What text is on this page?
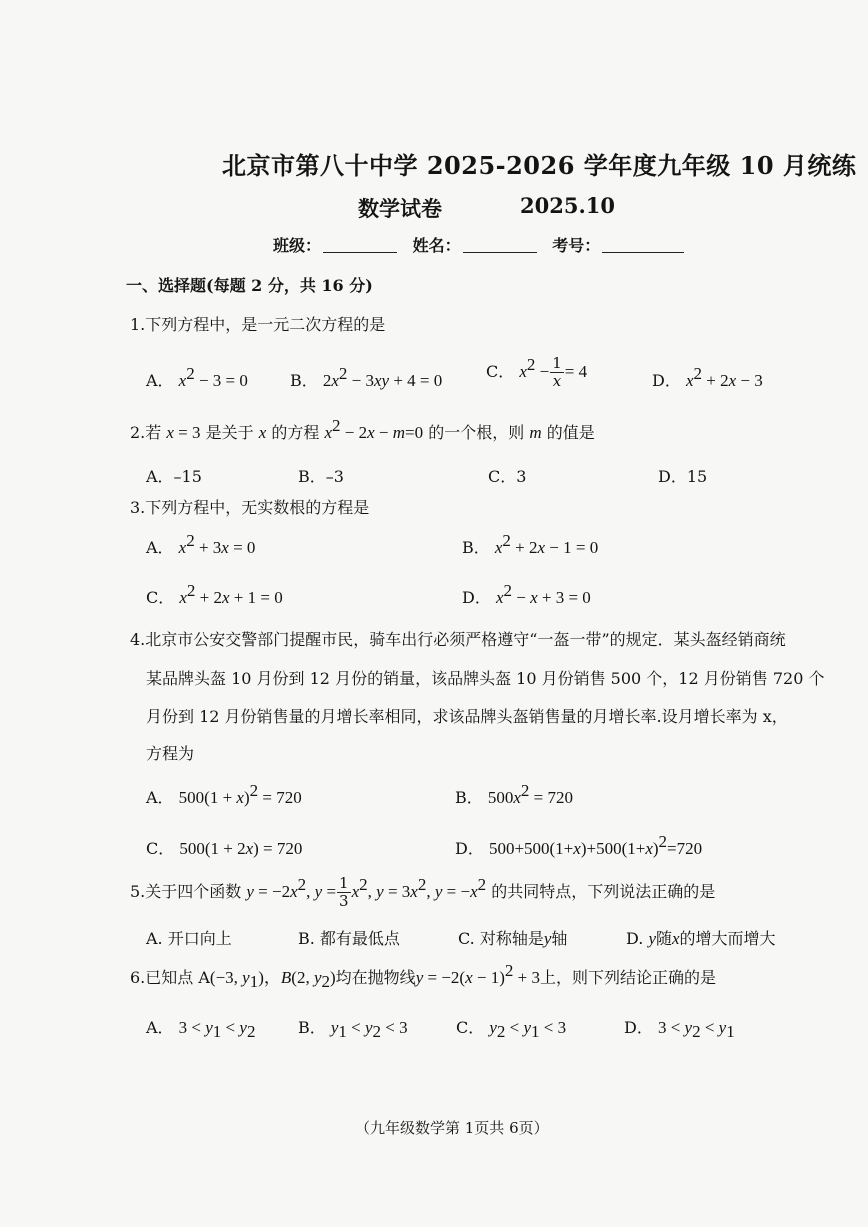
北京市第八十中学 2025-2026 学年度九年级 10 月统练
数学试卷	2025.10
班级：	姓名：	考号：
一、选择题(每题 2 分，共 16 分)
1.下列方程中，是一元二次方程的是
A． $x^2 - 3 = 0$	B． $2x^2 - 3xy + 4 = 0$	C． $x^2 - \frac{1}{x} = 4$	D． $x^2 + 2x - 3$
2.若 x = 3 是关于 x 的方程 $x^2 - 2x - m=0$ 的一个根，则 m 的值是
A．–15	B．–3	C．3	D．15
3.下列方程中，无实数根的方程是
A． $x^2 + 3x = 0$	B． $x^2 + 2x - 1 = 0$
C． $x^2 + 2x + 1 = 0$	D． $x^2 - x + 3 = 0$
4.北京市公安交警部门提醒市民，骑车出行必须严格遵守“一盔一带”的规定．某头盔经销商统
某品牌头盔 10 月份到 12 月份的销量，该品牌头盔 10 月份销售 500 个，12 月份销售 720 个
月份到 12 月份销售量的月增长率相同，求该品牌头盔销售量的月增长率.设月增长率为 x，
方程为
A． $500(1 + x)^2 = 720$	B． $500x^2 = 720$
C． 500(1 + 2x) = 720	D． $500+500(1+x)+500(1+x)^2=720$
5.关于四个函数 $y = -2x^2$, $y = \frac{1}{3} x^2$, $y = 3x^2$, $y = -x^2$ 的共同特点，下列说法正确的是
A. 开口向上	B. 都有最低点	C. 对称轴是y轴	D. y随x的增大而增大
6.已知点 A(−3, $y_1$)，B(2, $y_2$)均在抛物线$y = -2(x - 1)^2 + 3$上，则下列结论正确的是
A． $3 < y_1 < y_2$	B． $y_1 < y_2 < 3$	C． $y_2 < y_1 < 3$	D． $3 < y_2 < y_1$
（九年级数学第 1页共 6页）
